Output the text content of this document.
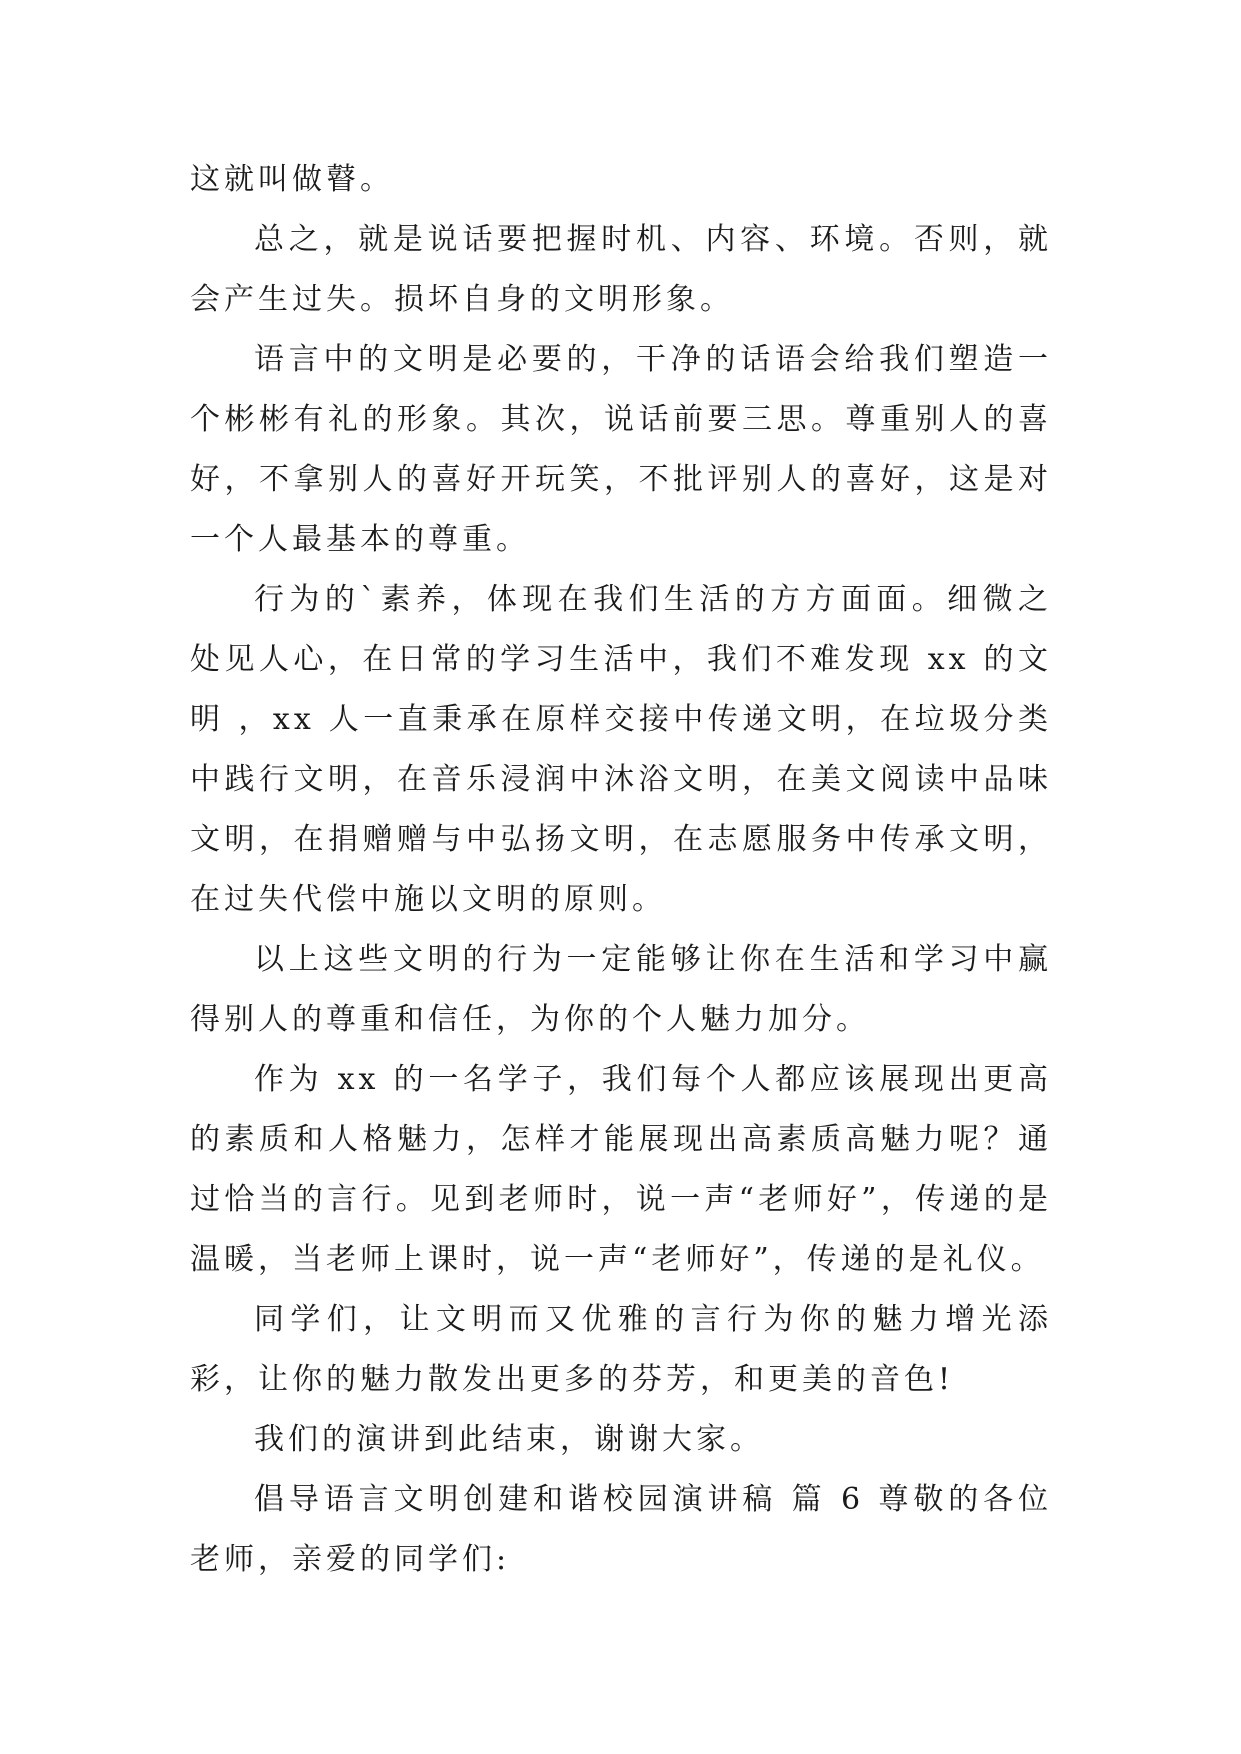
这就叫做瞽。

总之，就是说话要把握时机、内容、环境。否则，就会产生过失。损坏自身的文明形象。

语言中的文明是必要的，干净的话语会给我们塑造一个彬彬有礼的形象。其次，说话前要三思。尊重别人的喜好，不拿别人的喜好开玩笑，不批评别人的喜好，这是对一个人最基本的尊重。

行为的`素养，体现在我们生活的方方面面。细微之处见人心，在日常的学习生活中，我们不难发现 xx 的文明 ，xx 人一直秉承在原样交接中传递文明，在垃圾分类中践行文明，在音乐浸润中沐浴文明，在美文阅读中品味文明，在捐赠赠与中弘扬文明，在志愿服务中传承文明，在过失代偿中施以文明的原则。

以上这些文明的行为一定能够让你在生活和学习中赢得别人的尊重和信任，为你的个人魅力加分。

作为 xx 的一名学子，我们每个人都应该展现出更高的素质和人格魅力，怎样才能展现出高素质高魅力呢？通过恰当的言行。见到老师时，说一声“老师好”，传递的是温暖，当老师上课时，说一声“老师好”，传递的是礼仪。

同学们，让文明而又优雅的言行为你的魅力增光添彩，让你的魅力散发出更多的芬芳，和更美的音色!

我们的演讲到此结束，谢谢大家。

倡导语言文明创建和谐校园演讲稿 篇 6 尊敬的各位老师，亲爱的同学们:
